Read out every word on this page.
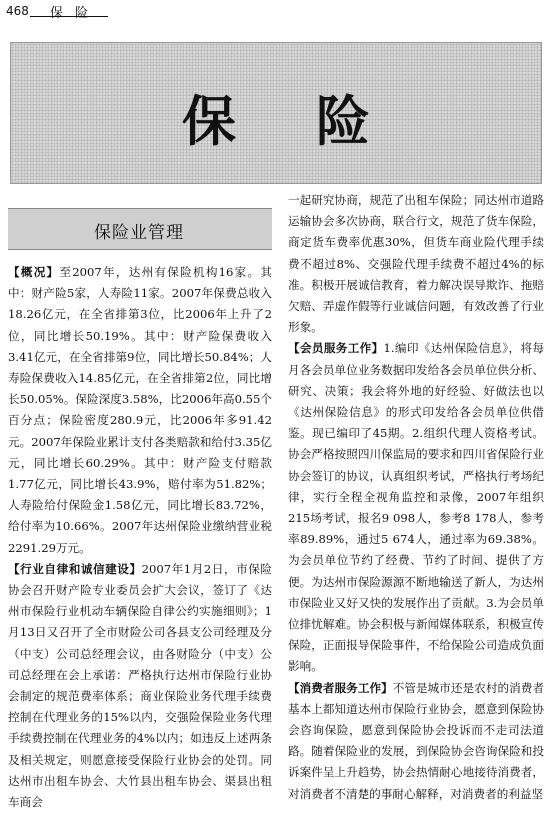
468 保险
保险
保险业管理

【概况】至2007年，达州有保险机构16家。其中：财产险5家，人寿险11家。2007年保费总收入18.26亿元，在全省排第3位，比2006年上升了2位，同比增长50.19%。其中：财产险保费收入3.41亿元，在全省排第9位，同比增长50.84%；人寿险保费收入14.85亿元，在全省排第2位，同比增长50.05%。保险深度3.58%，比2006年高0.55个百分点；保险密度280.9元，比2006年多91.42元。2007年保险业累计支付各类赔款和给付3.35亿元，同比增长60.29%。其中：财产险支付赔款1.77亿元，同比增长43.9%，赔付率为51.82%；人寿险给付保险金1.58亿元，同比增长83.72%，给付率为10.66%。2007年达州保险业缴纳营业税2291.29万元。

【行业自律和诚信建设】2007年1月2日，市保险协会召开财产险专业委员会扩大会议，签订了《达州市保险行业机动车辆保险自律公约实施细则》；1月13日又召开了全市财险公司各县支公司经理及分（中支）公司总经理会议，由各财险分（中支）公司总经理在会上承诺：严格执行达州市保险行业协会制定的规范费率体系；商业保险业务代理手续费控制在代理业务的15%以内，交强险保险业务代理手续费控制在代理业务的4%以内；如违反上述两条及相关规定，则愿意接受保险行业协会的处罚。同达州市出租车协会、大竹县出租车协会、渠县出租车商会

一起研究协商，规范了出租车保险；同达州市道路运输协会多次协商，联合行文，规范了货车保险，商定货车费率优惠30%，但货车商业险代理手续费不超过8%、交强险代理手续费不超过4%的标准。积极开展诚信教育，着力解决误导欺诈、拖赔欠赔、弄虚作假等行业诚信问题，有效改善了行业形象。

【会员服务工作】1.编印《达州保险信息》，将每月各会员单位业务数据印发给各会员单位供分析、研究、决策；我会将外地的好经验、好做法也以《达州保险信息》的形式印发给各会员单位供借鉴。现已编印了45期。2.组织代理人资格考试。协会严格按照四川保监局的要求和四川省保险行业协会签订的协议，认真组织考试，严格执行考场纪律，实行全程全视角监控和录像，2007年组织215场考试，报名9 098人，参考8 178人，参考率89.89%，通过5 674人，通过率为69.38%。为会员单位节约了经费、节约了时间、提供了方便。为达州市保险源源不断地输送了新人，为达州市保险业又好又快的发展作出了贡献。3.为会员单位排忧解难。协会积极与新闻媒体联系，积极宣传保险，正面报导保险事件，不给保险公司造成负面影响。

【消费者服务工作】不管是城市还是农村的消费者基本上都知道达州市保险行业协会，愿意到保险协会咨询保险，愿意到保险协会投诉而不走司法道路。随着保险业的发展，到保险协会咨询保险和投诉案件呈上升趋势，协会热情耐心地接待消费者，对消费者不清楚的事耐心解释，对消费者的利益坚
